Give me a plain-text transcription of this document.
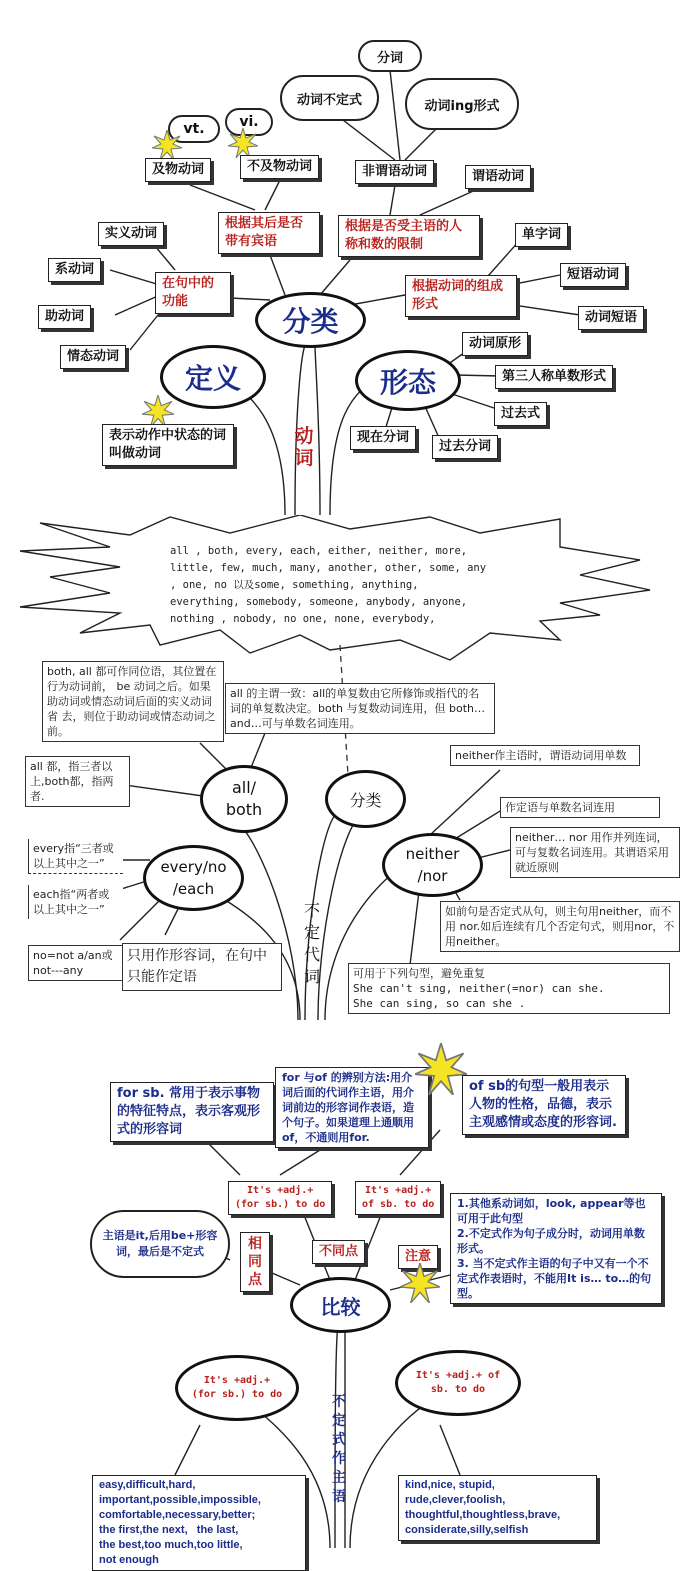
分词
动词不定式	动词ing形式
vt.	vi.
及物动词	不及物动词	非谓语动词	谓语动词
根据其后是否带有宾语
根据是否受主语的人称和数的限制
实义动词
系动词
助动词
情态动词
在句中的功能
单字词
根据动词的组成形式
短语动词
动词短语
动词原形
第三人称单数形式
过去式
现在分词
过去分词
表示动作中状态的词叫做动词
分类
定义	形态
动词
all , both, every, each, either, neither, more,
little, few, much, many, another, other, some, any
, one, no 以及some, something, anything,
everything, somebody, someone, anybody, anyone,
nothing , nobody, no one, none, everybody,
both, all 都可作同位语，其位置在行为动词前， be 动词之后。如果助动词或情态动词后面的实义动词省 去，则位于助动词或情态动词之前。
all 的主谓一致：all的单复数由它所修饰或指代的名词的单复数决定。both 与复数动词连用，但 both… and…可与单数名词连用。
all 都，指三者以上,both都，指两者.
every指“三者或以上其中之一”
each指“两者或以上其中之一”
no=not a/an或not---any
只用作形容词，在句中只能作定语
neither作主语时，谓语动词用单数
作定语与单数名词连用
neither… nor 用作并列连词，可与复数名词连用。其谓语采用就近原则
如前句是否定式从句，则主句用neither，而不用 nor.如后连续有几个否定句式，则用nor，不用neither。
可用于下列句型，避免重复
She can't sing, neither(=nor) can she.
She can sing, so can she .
all/
both	分类
every/no
/each
neither
/nor
不定代词
for sb. 常用于表示事物的特征特点，表示客观形式的形容词
for 与of 的辨别方法:用介词后面的代词作主语，用介词前边的形容词作表语，造个句子。如果道理上通顺用of，不通则用for.
of sb的句型一般用表示人物的性格，品德，表示主观感情或态度的形容词.
It's +adj.+
(for sb.) to do
It's +adj.+
of sb. to do
不同点
相同点
注意
主语是it,后用be+形容词，最后是不定式
1.其他系动词如，look, appear等也可用于此句型
2.不定式作为句子成分时，动词用单数形式。
3. 当不定式作主语的句子中又有一个不定式作表语时，不能用It is… to…的句型。
比较
It's +adj.+
(for sb.) to do
It's +adj.+ of
sb. to do
easy,difficult,hard,
important,possible,impossible,
comfortable,necessary,better;
the first,the next,   the last,
the best,too much,too little,
not enough
kind,nice, stupid,
rude,clever,foolish,
thoughtful,thoughtless,brave,
considerate,silly,selfish
不定式作主语
